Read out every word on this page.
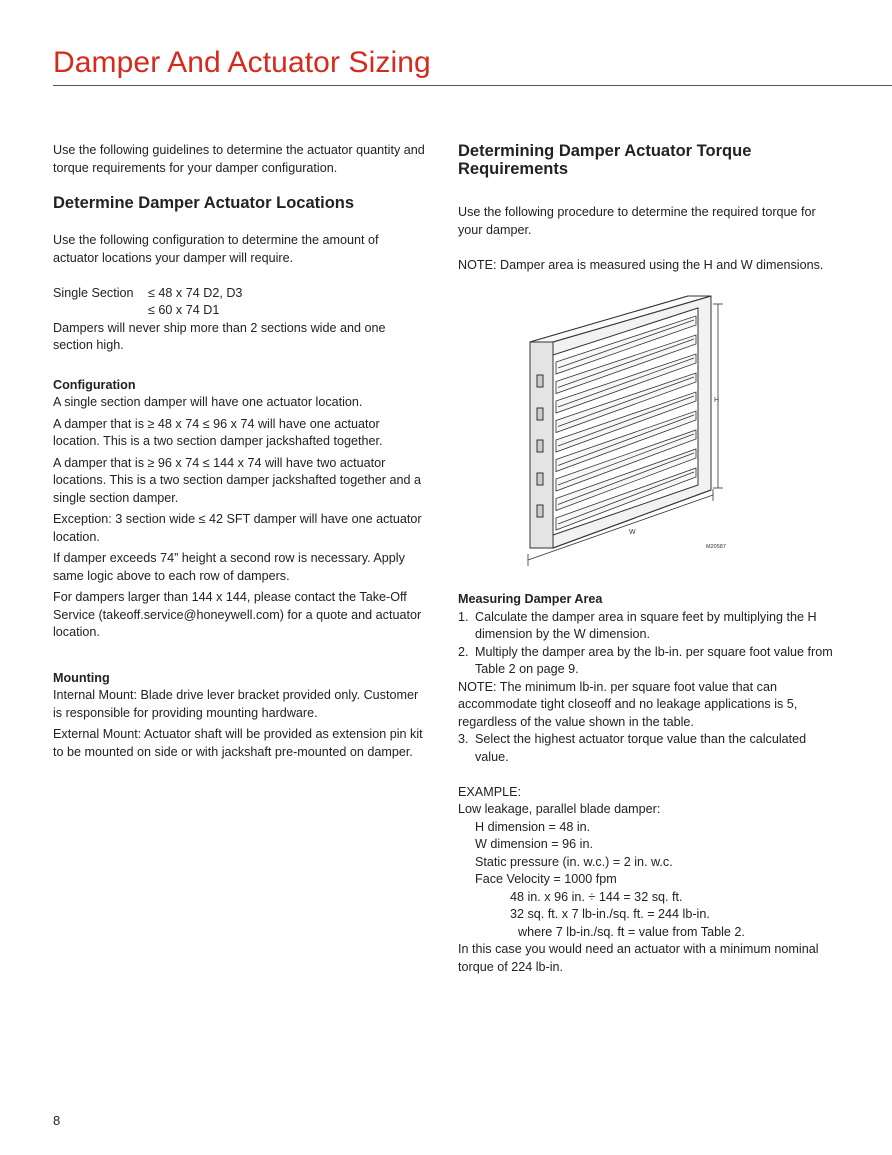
Damper And Actuator Sizing

Use the following guidelines to determine the actuator quantity and torque requirements for your damper configuration.

Determine Damper Actuator Locations

Use the following configuration to determine the amount of actuator locations your damper will require.

Single Section	≤ 48 x 74 D2, D3
≤ 60 x 74 D1

Dampers will never ship more than 2 sections wide and one section high.

Configuration

A single section damper will have one actuator location.

A damper that is ≥ 48 x 74 ≤ 96 x 74 will have one actuator location. This is a two section damper jackshafted together.

A damper that is ≥ 96 x 74 ≤ 144 x 74 will have two actuator locations. This is a two section damper jackshafted together and a single section damper.

Exception: 3 section wide ≤ 42 SFT damper will have one actuator location.

If damper exceeds 74” height a second row is necessary. Apply same logic above to each row of dampers.

For dampers larger than 144 x 144, please contact the Take-Off Service (takeoff.service@honeywell.com) for a quote and actuator location.

Mounting

Internal Mount: Blade drive lever bracket provided only. Customer is responsible for providing mounting hardware.

External Mount: Actuator shaft will be provided as extension pin kit to be mounted on side or with jackshaft pre-mounted on damper.

Determining Damper Actuator Torque Requirements

Use the following procedure to determine the required torque for your damper.

NOTE: Damper area is measured using the H and W dimensions.

Measuring Damper Area
1. Calculate the damper area in square feet by multiplying the H dimension by the W dimension.
2. Multiply the damper area by the lb-in. per square foot value from Table 2 on page 9.

NOTE: The minimum lb-in. per square foot value that can accommodate tight closeoff and no leakage applications is 5, regardless of the value shown in the table.

3. Select the highest actuator torque value than the calculated value.

EXAMPLE:

Low leakage, parallel blade damper:

H dimension = 48 in.

W dimension = 96 in.

Static pressure (in. w.c.) = 2 in. w.c.

Face Velocity = 1000 fpm

48 in. x 96 in. ÷ 144 = 32 sq. ft.

32 sq. ft. x 7 lb-in./sq. ft. = 244 lb-in.

where 7 lb-in./sq. ft = value from Table 2.

In this case you would need an actuator with a minimum nominal torque of 224 lb-in.

H
W
M20587
8
